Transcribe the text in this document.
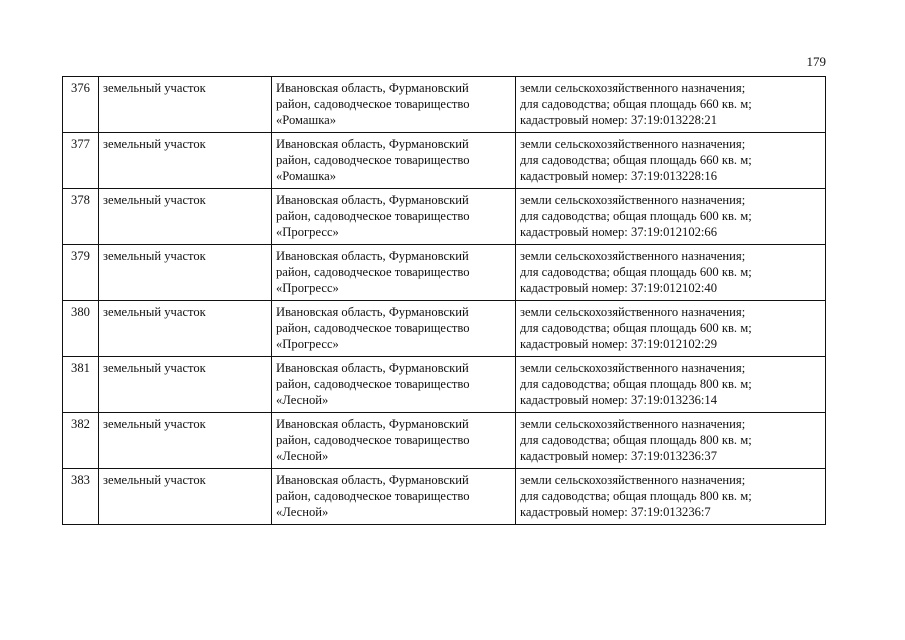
179
376	земельный участок	Ивановская область, Фурмановский
район, садоводческое товарищество
«Ромашка»	земли сельскохозяйственного назначения;
для садоводства; общая площадь 660 кв. м;
кадастровый номер: 37:19:013228:21

377	земельный участок	Ивановская область, Фурмановский
район, садоводческое товарищество
«Ромашка»	земли сельскохозяйственного назначения;
для садоводства; общая площадь 660 кв. м;
кадастровый номер: 37:19:013228:16

378	земельный участок	Ивановская область, Фурмановский
район, садоводческое товарищество
«Прогресс»	земли сельскохозяйственного назначения;
для садоводства; общая площадь 600 кв. м;
кадастровый номер: 37:19:012102:66

379	земельный участок	Ивановская область, Фурмановский
район, садоводческое товарищество
«Прогресс»	земли сельскохозяйственного назначения;
для садоводства; общая площадь 600 кв. м;
кадастровый номер: 37:19:012102:40

380	земельный участок	Ивановская область, Фурмановский
район, садоводческое товарищество
«Прогресс»	земли сельскохозяйственного назначения;
для садоводства; общая площадь 600 кв. м;
кадастровый номер: 37:19:012102:29

381	земельный участок	Ивановская область, Фурмановский
район, садоводческое товарищество
«Лесной»	земли сельскохозяйственного назначения;
для садоводства; общая площадь 800 кв. м;
кадастровый номер: 37:19:013236:14

382	земельный участок	Ивановская область, Фурмановский
район, садоводческое товарищество
«Лесной»	земли сельскохозяйственного назначения;
для садоводства; общая площадь 800 кв. м;
кадастровый номер: 37:19:013236:37

383	земельный участок	Ивановская область, Фурмановский
район, садоводческое товарищество
«Лесной»	земли сельскохозяйственного назначения;
для садоводства; общая площадь 800 кв. м;
кадастровый номер: 37:19:013236:7
